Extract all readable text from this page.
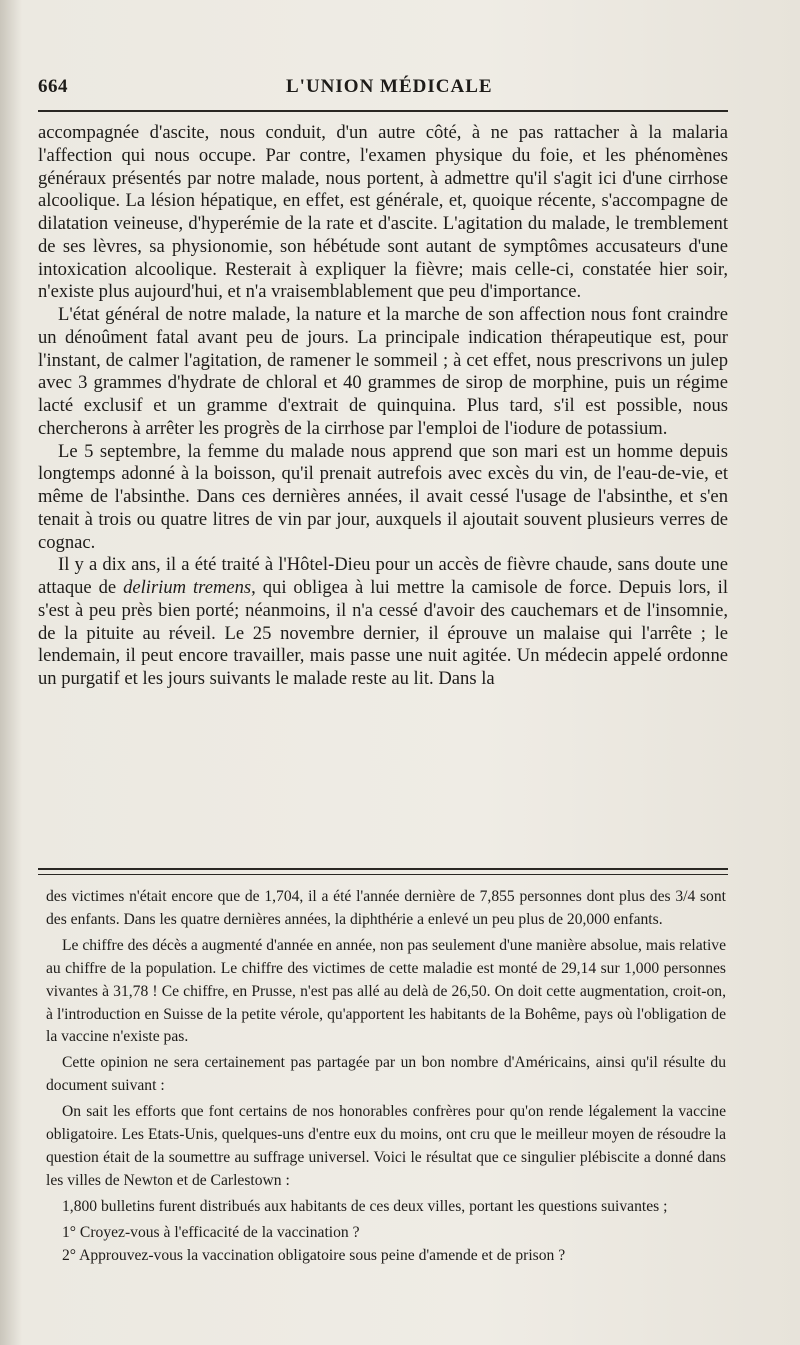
664	L'UNION MÉDICALE

accompagnée d'ascite, nous conduit, d'un autre côté, à ne pas rattacher à la malaria l'affection qui nous occupe. Par contre, l'examen physique du foie, et les phénomènes généraux présentés par notre malade, nous portent, à admettre qu'il s'agit ici d'une cirrhose alcoolique. La lésion hépatique, en effet, est générale, et, quoique récente, s'accompagne de dilatation veineuse, d'hyperémie de la rate et d'ascite. L'agitation du malade, le tremblement de ses lèvres, sa physionomie, son hébétude sont autant de symptômes accusateurs d'une intoxication alcoolique. Resterait à expliquer la fièvre; mais celle-ci, constatée hier soir, n'existe plus aujourd'hui, et n'a vraisemblablement que peu d'importance.

L'état général de notre malade, la nature et la marche de son affection nous font craindre un dénoûment fatal avant peu de jours. La principale indication thérapeutique est, pour l'instant, de calmer l'agitation, de ramener le sommeil ; à cet effet, nous prescrivons un julep avec 3 grammes d'hydrate de chloral et 40 grammes de sirop de morphine, puis un régime lacté exclusif et un gramme d'extrait de quinquina. Plus tard, s'il est possible, nous chercherons à arrêter les progrès de la cirrhose par l'emploi de l'iodure de potassium.

Le 5 septembre, la femme du malade nous apprend que son mari est un homme depuis longtemps adonné à la boisson, qu'il prenait autrefois avec excès du vin, de l'eau-de-vie, et même de l'absinthe. Dans ces dernières années, il avait cessé l'usage de l'absinthe, et s'en tenait à trois ou quatre litres de vin par jour, auxquels il ajoutait souvent plusieurs verres de cognac.

Il y a dix ans, il a été traité à l'Hôtel-Dieu pour un accès de fièvre chaude, sans doute une attaque de delirium tremens, qui obligea à lui mettre la camisole de force. Depuis lors, il s'est à peu près bien porté; néanmoins, il n'a cessé d'avoir des cauchemars et de l'insomnie, de la pituite au réveil. Le 25 novembre dernier, il éprouve un malaise qui l'arrête ; le lendemain, il peut encore travailler, mais passe une nuit agitée. Un médecin appelé ordonne un purgatif et les jours suivants le malade reste au lit. Dans la

des victimes n'était encore que de 1,704, il a été l'année dernière de 7,855 personnes dont plus des 3/4 sont des enfants. Dans les quatre dernières années, la diphthérie a enlevé un peu plus de 20,000 enfants.

Le chiffre des décès a augmenté d'année en année, non pas seulement d'une manière absolue, mais relative au chiffre de la population. Le chiffre des victimes de cette maladie est monté de 29,14 sur 1,000 personnes vivantes à 31,78 ! Ce chiffre, en Prusse, n'est pas allé au delà de 26,50. On doit cette augmentation, croit-on, à l'introduction en Suisse de la petite vérole, qu'apportent les habitants de la Bohême, pays où l'obligation de la vaccine n'existe pas.

Cette opinion ne sera certainement pas partagée par un bon nombre d'Américains, ainsi qu'il résulte du document suivant :

On sait les efforts que font certains de nos honorables confrères pour qu'on rende légalement la vaccine obligatoire. Les Etats-Unis, quelques-uns d'entre eux du moins, ont cru que le meilleur moyen de résoudre la question était de la soumettre au suffrage universel. Voici le résultat que ce singulier plébiscite a donné dans les villes de Newton et de Carlestown :

1,800 bulletins furent distribués aux habitants de ces deux villes, portant les questions suivantes ;

1° Croyez-vous à l'efficacité de la vaccination ?

2° Approuvez-vous la vaccination obligatoire sous peine d'amende et de prison ?
